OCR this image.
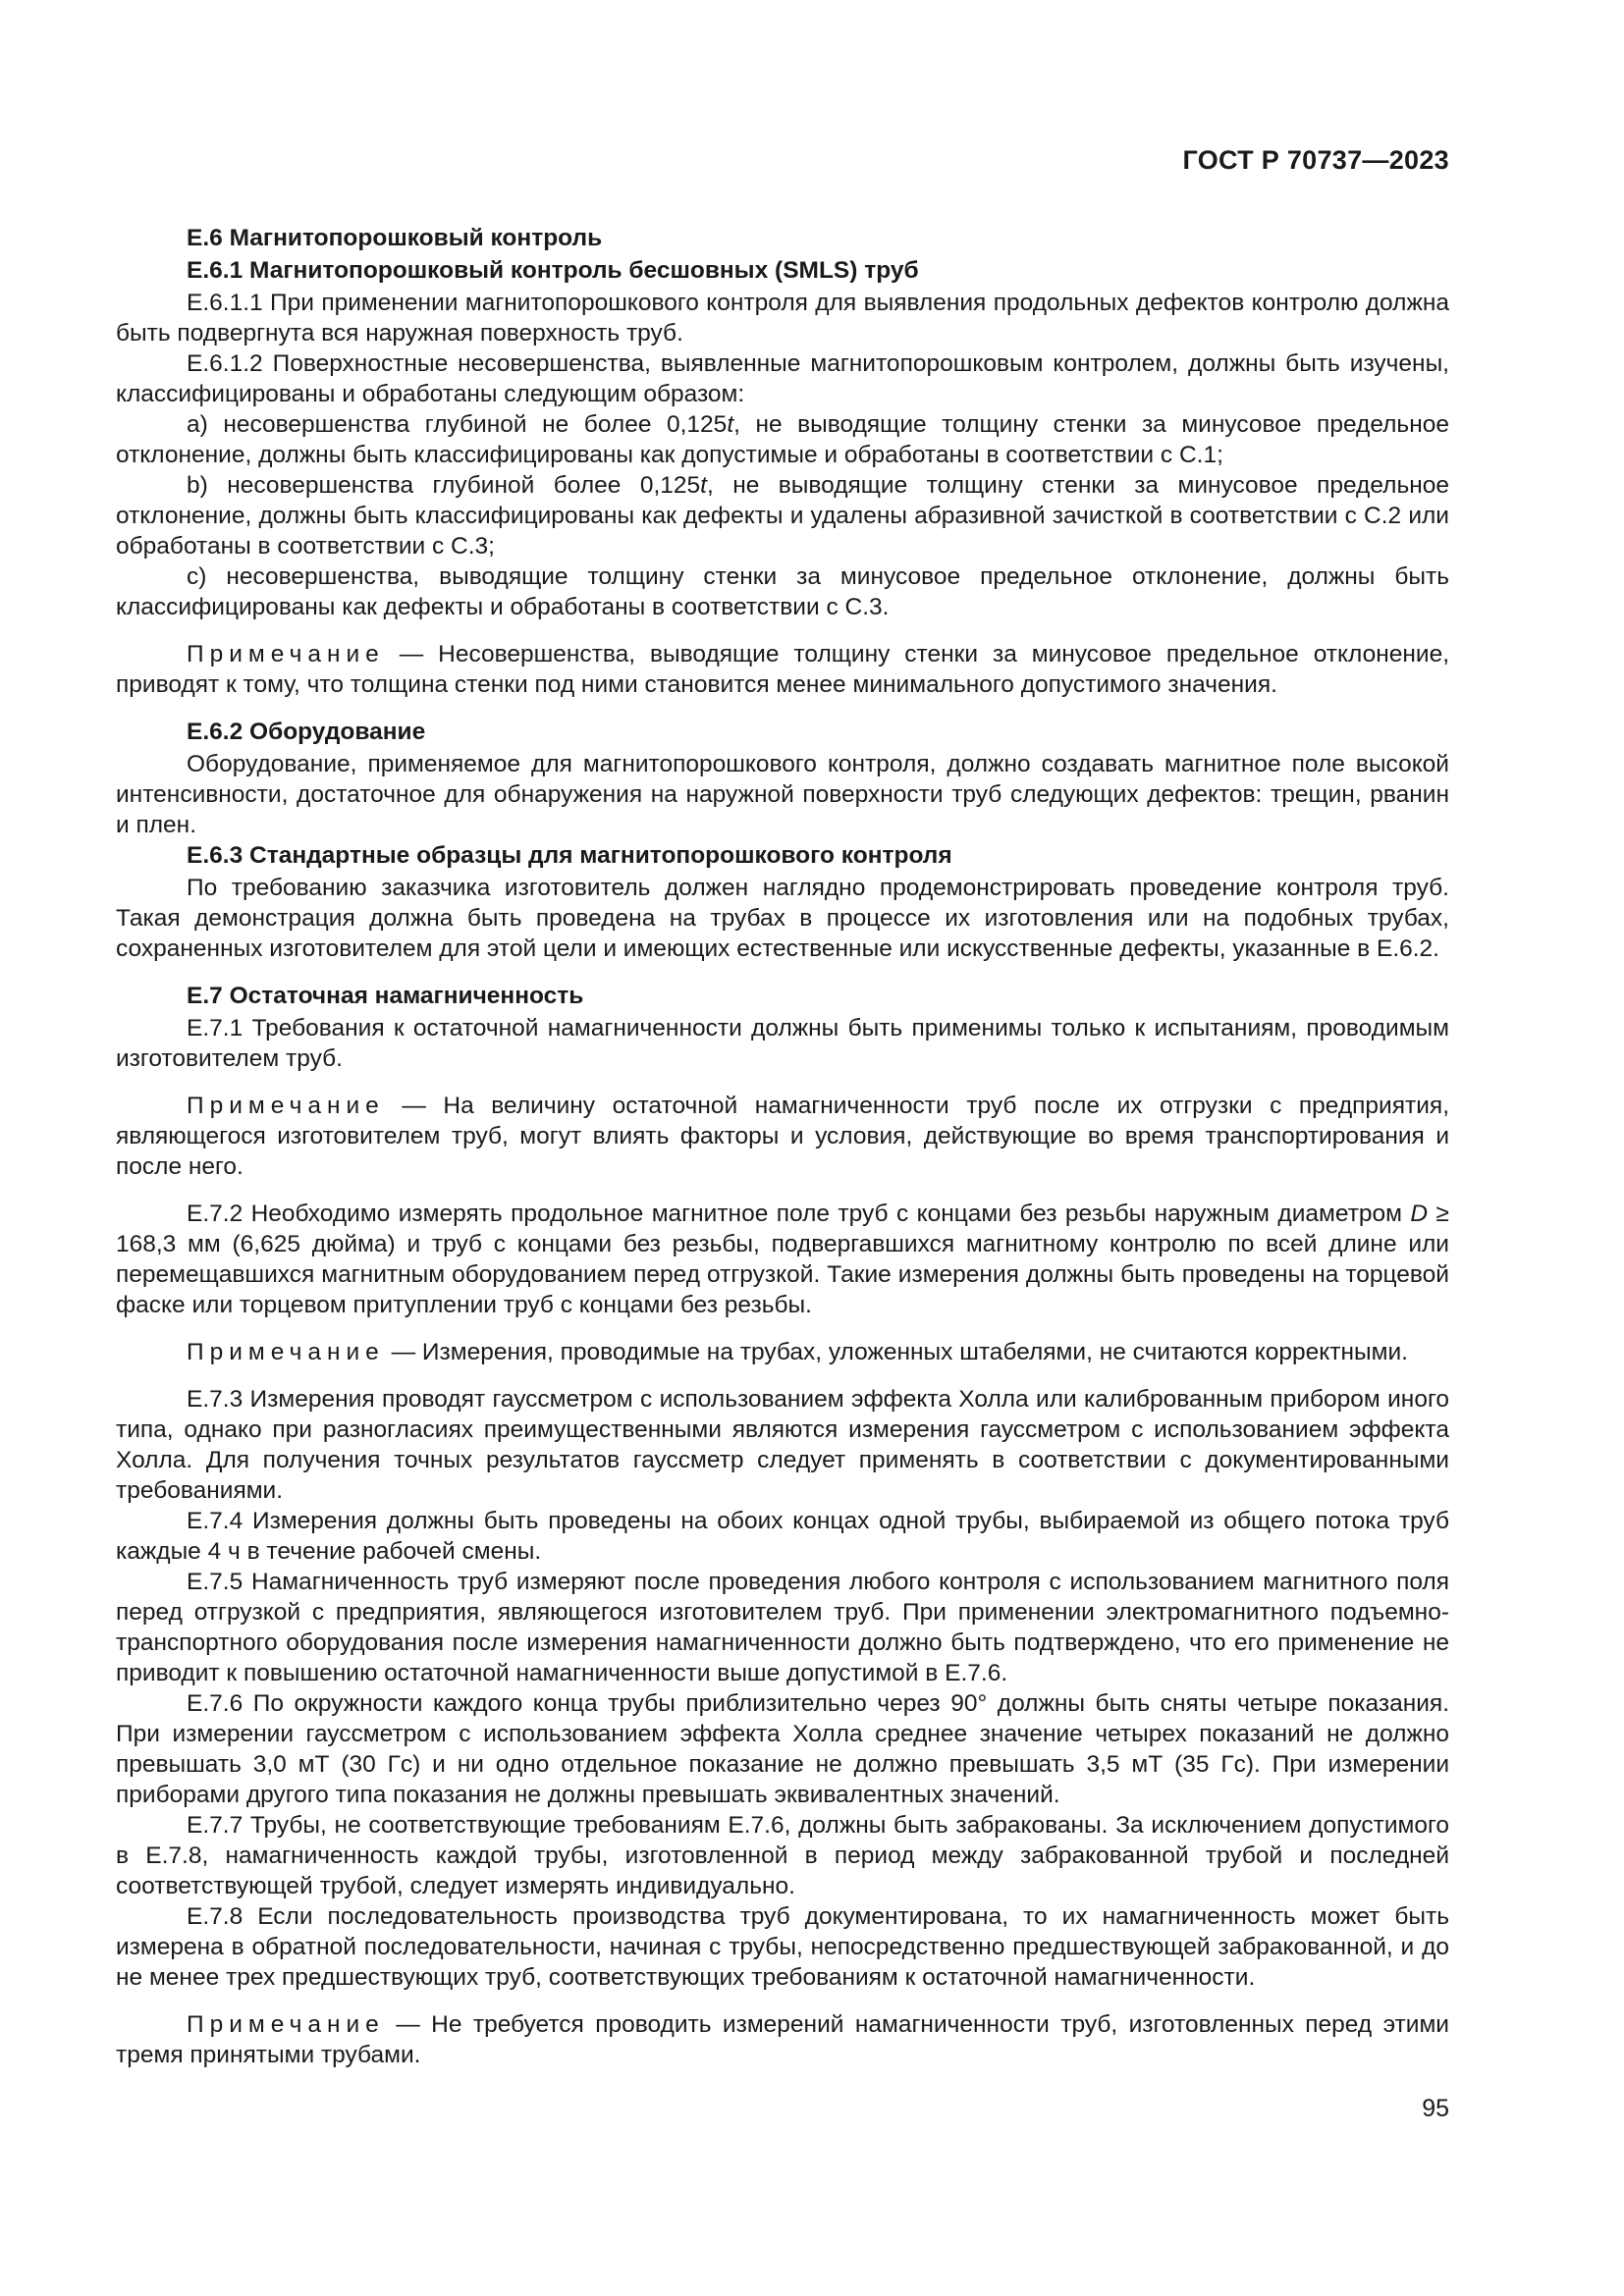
ГОСТ Р 70737—2023

Е.6 Магнитопорошковый контроль

Е.6.1 Магнитопорошковый контроль бесшовных (SMLS) труб

Е.6.1.1 При применении магнитопорошкового контроля для выявления продольных дефектов контролю должна быть подвергнута вся наружная поверхность труб.

Е.6.1.2 Поверхностные несовершенства, выявленные магнитопорошковым контролем, должны быть изучены, классифицированы и обработаны следующим образом:

а) несовершенства глубиной не более 0,125t, не выводящие толщину стенки за минусовое предельное отклонение, должны быть классифицированы как допустимые и обработаны в соответствии с С.1;

b) несовершенства глубиной более 0,125t, не выводящие толщину стенки за минусовое предельное отклонение, должны быть классифицированы как дефекты и удалены абразивной зачисткой в соответствии с С.2 или обработаны в соответствии с С.3;

с) несовершенства, выводящие толщину стенки за минусовое предельное отклонение, должны быть классифицированы как дефекты и обработаны в соответствии с С.3.

Примечание — Несовершенства, выводящие толщину стенки за минусовое предельное отклонение, приводят к тому, что толщина стенки под ними становится менее минимального допустимого значения.

Е.6.2 Оборудование

Оборудование, применяемое для магнитопорошкового контроля, должно создавать магнитное поле высокой интенсивности, достаточное для обнаружения на наружной поверхности труб следующих дефектов: трещин, рванин и плен.

Е.6.3 Стандартные образцы для магнитопорошкового контроля

По требованию заказчика изготовитель должен наглядно продемонстрировать проведение контроля труб. Такая демонстрация должна быть проведена на трубах в процессе их изготовления или на подобных трубах, сохраненных изготовителем для этой цели и имеющих естественные или искусственные дефекты, указанные в Е.6.2.

Е.7 Остаточная намагниченность

Е.7.1 Требования к остаточной намагниченности должны быть применимы только к испытаниям, проводимым изготовителем труб.

Примечание — На величину остаточной намагниченности труб после их отгрузки с предприятия, являющегося изготовителем труб, могут влиять факторы и условия, действующие во время транспортирования и после него.

Е.7.2 Необходимо измерять продольное магнитное поле труб с концами без резьбы наружным диаметром D ≥ 168,3 мм (6,625 дюйма) и труб с концами без резьбы, подвергавшихся магнитному контролю по всей длине или перемещавшихся магнитным оборудованием перед отгрузкой. Такие измерения должны быть проведены на торцевой фаске или торцевом притуплении труб с концами без резьбы.

Примечание — Измерения, проводимые на трубах, уложенных штабелями, не считаются корректными.

Е.7.3 Измерения проводят гауссметром с использованием эффекта Холла или калиброванным прибором иного типа, однако при разногласиях преимущественными являются измерения гауссметром с использованием эффекта Холла. Для получения точных результатов гауссметр следует применять в соответствии с документированными требованиями.

Е.7.4 Измерения должны быть проведены на обоих концах одной трубы, выбираемой из общего потока труб каждые 4 ч в течение рабочей смены.

Е.7.5 Намагниченность труб измеряют после проведения любого контроля с использованием магнитного поля перед отгрузкой с предприятия, являющегося изготовителем труб. При применении электромагнитного подъемно-транспортного оборудования после измерения намагниченности должно быть подтверждено, что его применение не приводит к повышению остаточной намагниченности выше допустимой в Е.7.6.

Е.7.6 По окружности каждого конца трубы приблизительно через 90° должны быть сняты четыре показания. При измерении гауссметром с использованием эффекта Холла среднее значение четырех показаний не должно превышать 3,0 мТ (30 Гс) и ни одно отдельное показание не должно превышать 3,5 мТ (35 Гс). При измерении приборами другого типа показания не должны превышать эквивалентных значений.

Е.7.7 Трубы, не соответствующие требованиям Е.7.6, должны быть забракованы. За исключением допустимого в Е.7.8, намагниченность каждой трубы, изготовленной в период между забракованной трубой и последней соответствующей трубой, следует измерять индивидуально.

Е.7.8 Если последовательность производства труб документирована, то их намагниченность может быть измерена в обратной последовательности, начиная с трубы, непосредственно предшествующей забракованной, и до не менее трех предшествующих труб, соответствующих требованиям к остаточной намагниченности.

Примечание — Не требуется проводить измерений намагниченности труб, изготовленных перед этими тремя принятыми трубами.

95
